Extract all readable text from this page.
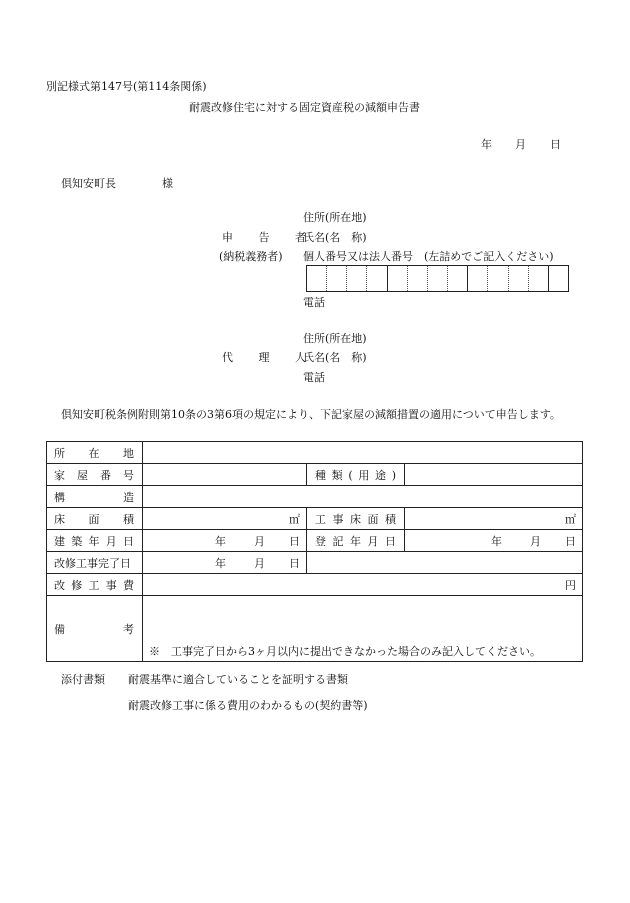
別記様式第147号(第114条関係)
耐震改修住宅に対する固定資産税の減額申告書
年 月 日
倶知安町長	様
住所(所在地)
申 告 者
氏名(名　称)
(納税義務者) 個人番号又は法人番号　(左詰めでご記入ください)
電話
住所(所在地)
代 理 人
氏名(名　称)
電話
倶知安町税条例附則第10条の3第6項の規定により、下記家屋の減額措置の適用について申告します。
所在地			
家屋番号		種類(用途)	
構造			
床面積	㎡	工事床面積	㎡

建築年月日	年 月 日	登記年月日	年 月 日

改修工事完了日	年 月 日		

改修工事費	円		

備考	※　工事完了日から3ヶ月以内に提出できなかった場合のみ記入してください。		
添付書類 耐震基準に適合していることを証明する書類
耐震改修工事に係る費用のわかるもの(契約書等)
